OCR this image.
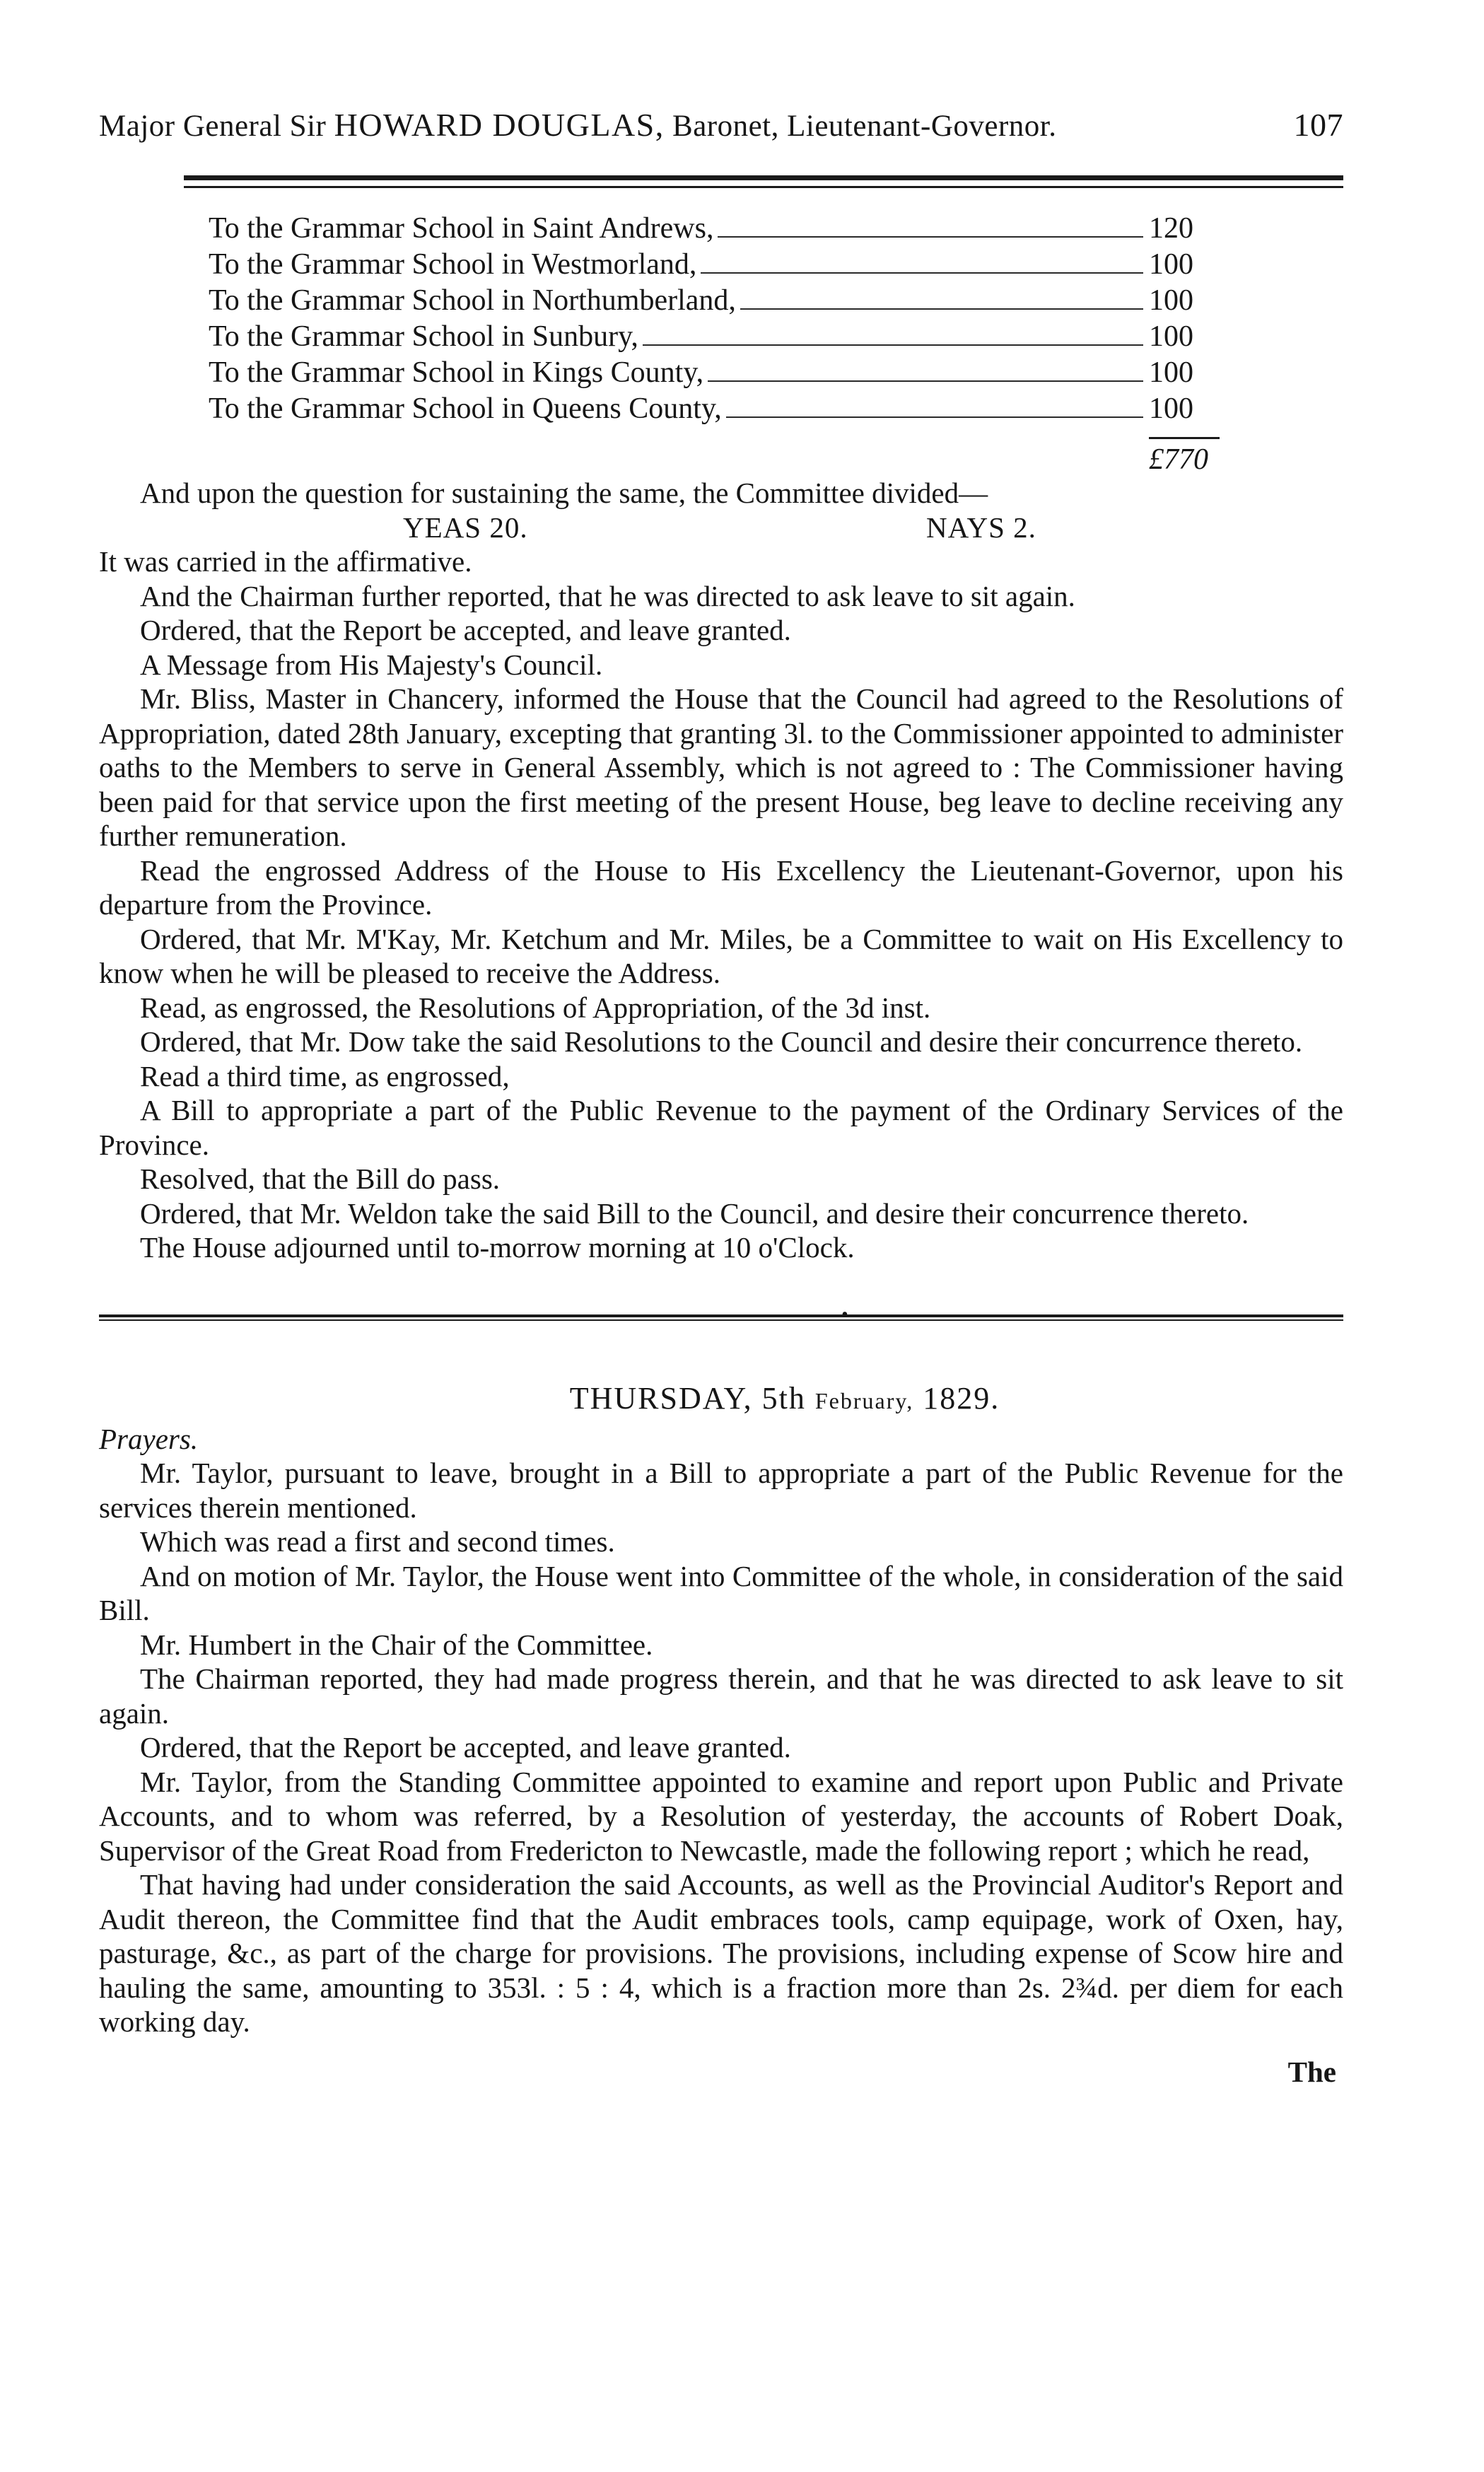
Major General Sir HOWARD DOUGLAS, Baronet, Lieutenant-Governor.	107
To the Grammar School in Saint Andrews,	120
To the Grammar School in Westmorland,	100
To the Grammar School in Northumberland,	100
To the Grammar School in Sunbury,	100
To the Grammar School in Kings County,	100
To the Grammar School in Queens County,	100
£770

And upon the question for sustaining the same, the Committee divided—

YEAS 20.	NAYS 2.

It was carried in the affirmative.

And the Chairman further reported, that he was directed to ask leave to sit again.

Ordered, that the Report be accepted, and leave granted.

A Message from His Majesty's Council.

Mr. Bliss, Master in Chancery, informed the House that the Council had agreed to the Resolutions of Appropriation, dated 28th January, excepting that granting 3l. to the Commissioner appointed to administer oaths to the Members to serve in General Assembly, which is not agreed to : The Commissioner having been paid for that service upon the first meeting of the present House, beg leave to decline receiving any further remuneration.

Read the engrossed Address of the House to His Excellency the Lieutenant-Governor, upon his departure from the Province.

Ordered, that Mr. M'Kay, Mr. Ketchum and Mr. Miles, be a Committee to wait on His Excellency to know when he will be pleased to receive the Address.

Read, as engrossed, the Resolutions of Appropriation, of the 3d inst.

Ordered, that Mr. Dow take the said Resolutions to the Council and desire their concurrence thereto.

Read a third time, as engrossed,

A Bill to appropriate a part of the Public Revenue to the payment of the Ordinary Services of the Province.

Resolved, that the Bill do pass.

Ordered, that Mr. Weldon take the said Bill to the Council, and desire their concurrence thereto.

The House adjourned until to-morrow morning at 10 o'Clock.

•
THURSDAY, 5th February, 1829.
Prayers.

Mr. Taylor, pursuant to leave, brought in a Bill to appropriate a part of the Public Revenue for the services therein mentioned.

Which was read a first and second times.

And on motion of Mr. Taylor, the House went into Committee of the whole, in consideration of the said Bill.

Mr. Humbert in the Chair of the Committee.

The Chairman reported, they had made progress therein, and that he was directed to ask leave to sit again.

Ordered, that the Report be accepted, and leave granted.

Mr. Taylor, from the Standing Committee appointed to examine and report upon Public and Private Accounts, and to whom was referred, by a Resolution of yesterday, the accounts of Robert Doak, Supervisor of the Great Road from Fredericton to Newcastle, made the following report ; which he read,

That having had under consideration the said Accounts, as well as the Provincial Auditor's Report and Audit thereon, the Committee find that the Audit embraces tools, camp equipage, work of Oxen, hay, pasturage, &c., as part of the charge for provisions. The provisions, including expense of Scow hire and hauling the same, amounting to 353l. : 5 : 4, which is a fraction more than 2s. 2¾d. per diem for each working day.

The
